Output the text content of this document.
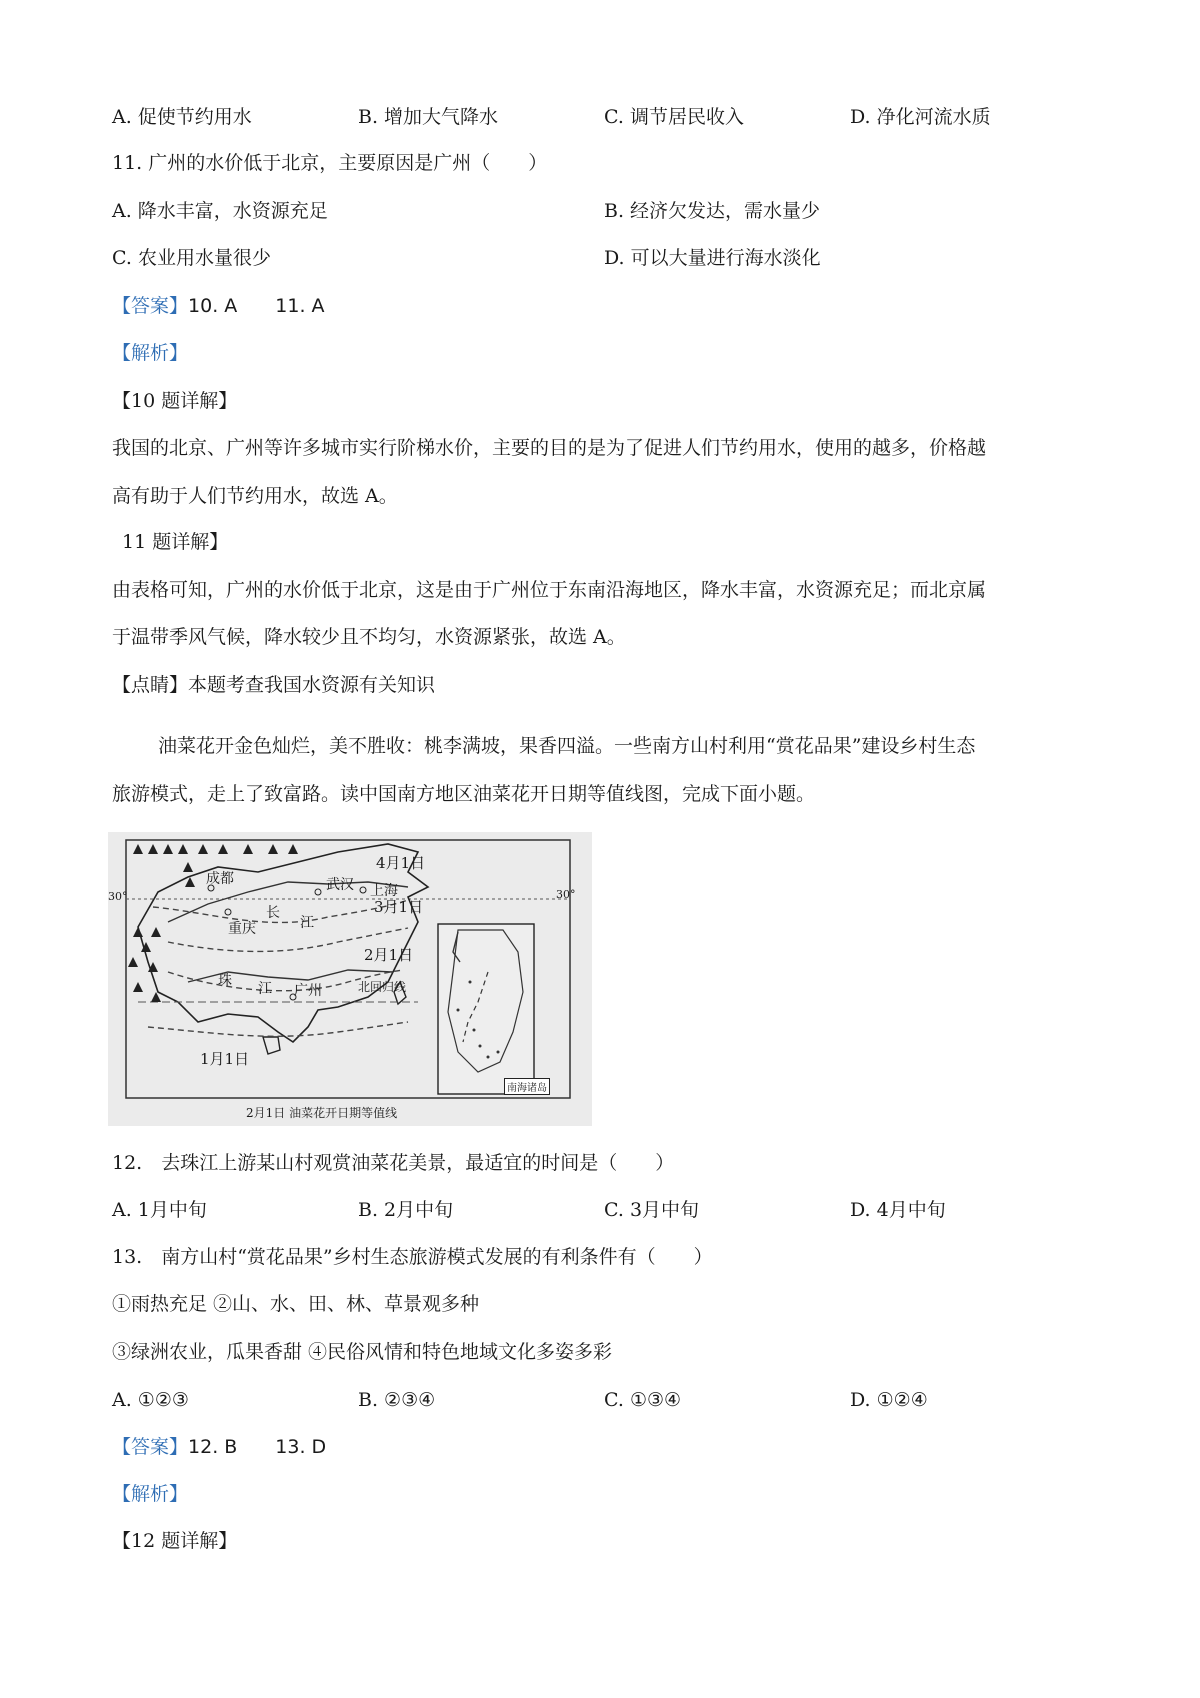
A. 促使节约用水	B. 增加大气降水	C. 调节居民收入	D. 净化河流水质
11. 广州的水价低于北京，主要原因是广州（　　）
A. 降水丰富，水资源充足	B. 经济欠发达，需水量少
C. 农业用水量很少	D. 可以大量进行海水淡化
【答案】10. A　　11. A
【解析】
【10 题详解】
我国的北京、广州等许多城市实行阶梯水价，主要的目的是为了促进人们节约用水，使用的越多，价格越
高有助于人们节约用水，故选 A。
11 题详解】
由表格可知，广州的水价低于北京，这是由于广州位于东南沿海地区，降水丰富，水资源充足；而北京属
于温带季风气候，降水较少且不均匀，水资源紧张，故选 A。
【点睛】本题考查我国水资源有关知识
油菜花开金色灿烂，美不胜收：桃李满坡，果香四溢。一些南方山村利用“赏花品果”建设乡村生态
旅游模式，走上了致富路。读中国南方地区油菜花开日期等值线图，完成下面小题。
成都	武汉 上海
重庆
长
江
珠 江 广州
4月1日
3月1日
2月1日
1月1日
30°	30°
北回归线
南海诸岛
2月1日 油菜花开日期等值线
12.　去珠江上游某山村观赏油菜花美景，最适宜的时间是（　　）
A. 1月中旬	B. 2月中旬	C. 3月中旬	D. 4月中旬
13.　南方山村“赏花品果”乡村生态旅游模式发展的有利条件有（　　）
①雨热充足 ②山、水、田、林、草景观多种
③绿洲农业，瓜果香甜 ④民俗风情和特色地域文化多姿多彩
A. ①②③	B. ②③④	C. ①③④	D. ①②④
【答案】12. B　　13. D
【解析】
【12 题详解】
